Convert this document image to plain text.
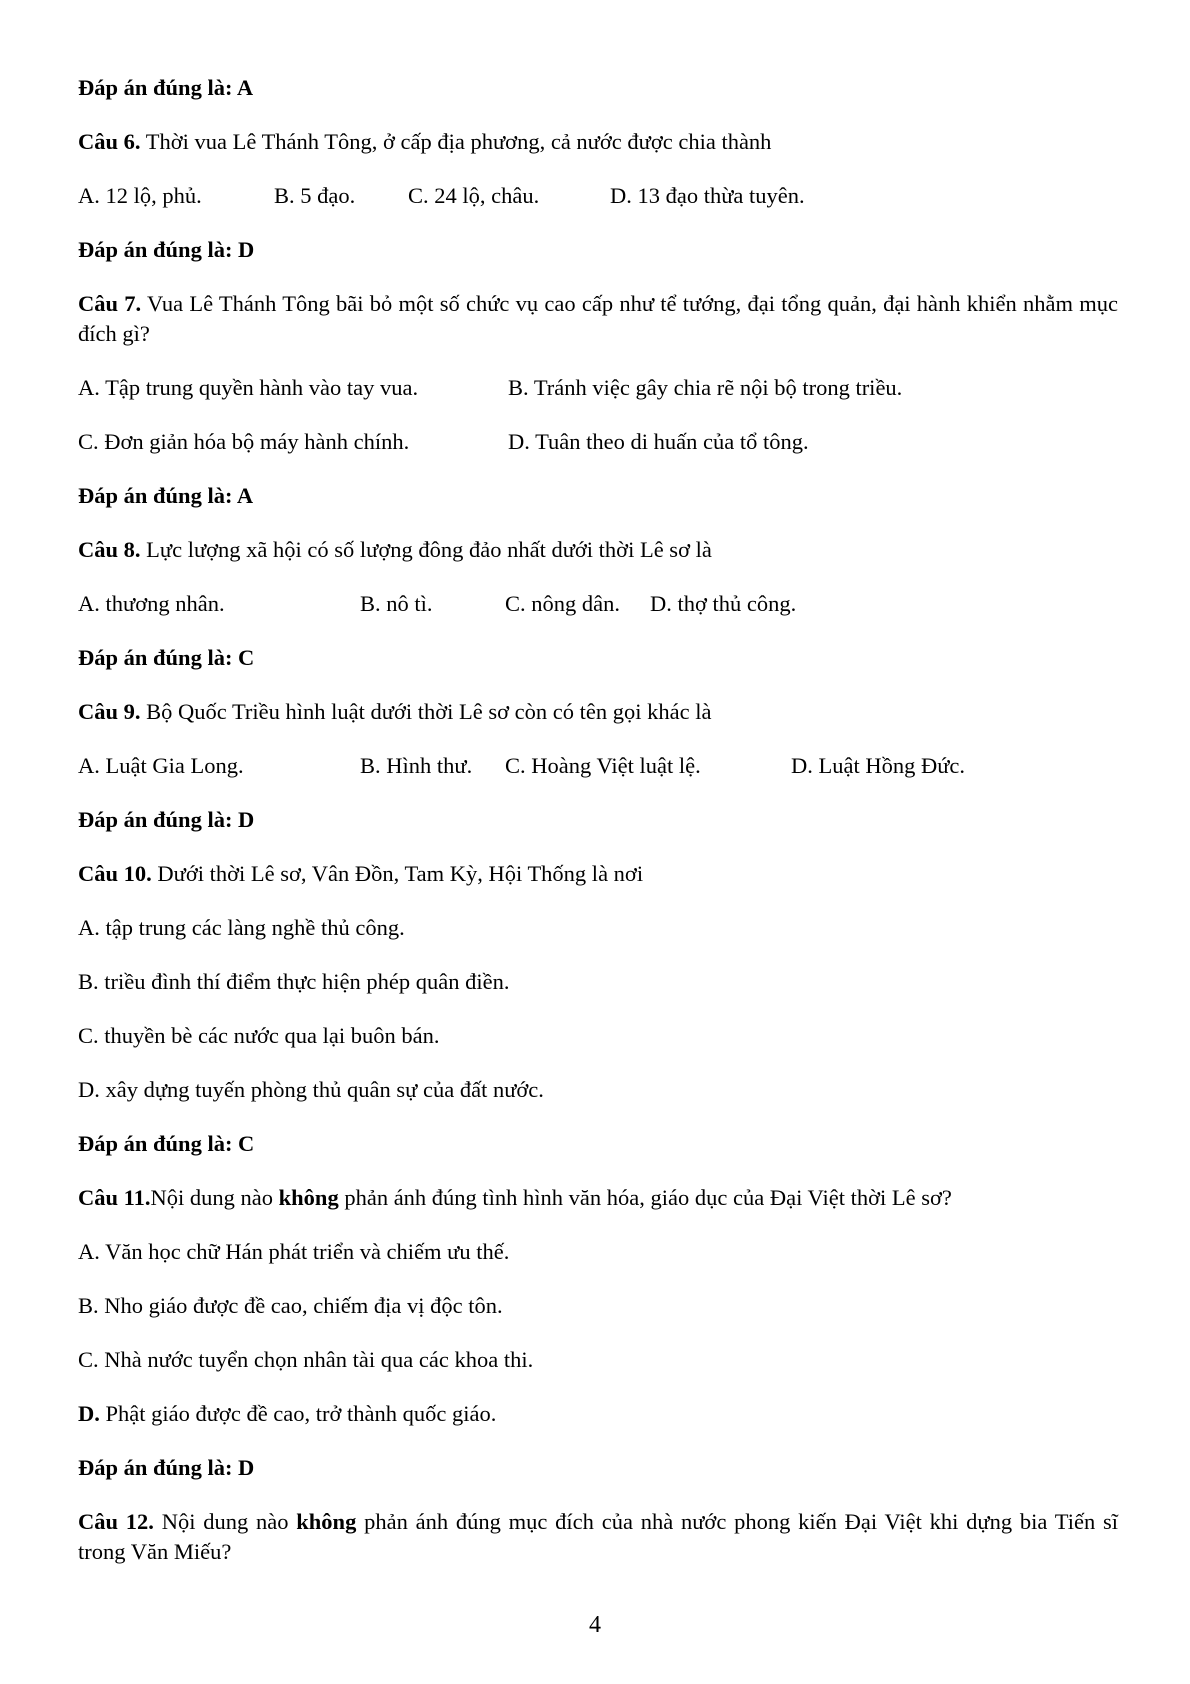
Đáp án đúng là: A
Câu 6. Thời vua Lê Thánh Tông, ở cấp địa phương, cả nước được chia thành
A. 12 lộ, phủ.	B. 5 đạo.	C. 24 lộ, châu.	D. 13 đạo thừa tuyên.
Đáp án đúng là: D
Câu 7. Vua Lê Thánh Tông bãi bỏ một số chức vụ cao cấp như tể tướng, đại tổng quản, đại hành khiển nhằm mục đích gì?
A. Tập trung quyền hành vào tay vua.	B. Tránh việc gây chia rẽ nội bộ trong triều.
C. Đơn giản hóa bộ máy hành chính.	D. Tuân theo di huấn của tổ tông.
Đáp án đúng là: A
Câu 8. Lực lượng xã hội có số lượng đông đảo nhất dưới thời Lê sơ là
A. thương nhân.	B. nô tì.	C. nông dân.	D. thợ thủ công.
Đáp án đúng là: C
Câu 9. Bộ Quốc Triều hình luật dưới thời Lê sơ còn có tên gọi khác là
A. Luật Gia Long.	B. Hình thư.	C. Hoàng Việt luật lệ.	D. Luật Hồng Đức.
Đáp án đúng là: D
Câu 10. Dưới thời Lê sơ, Vân Đồn, Tam Kỳ, Hội Thống là nơi
A. tập trung các làng nghề thủ công.
B. triều đình thí điểm thực hiện phép quân điền.
C. thuyền bè các nước qua lại buôn bán.
D. xây dựng tuyến phòng thủ quân sự của đất nước.
Đáp án đúng là: C
Câu 11.Nội dung nào không phản ánh đúng tình hình văn hóa, giáo dục của Đại Việt thời Lê sơ?
A. Văn học chữ Hán phát triển và chiếm ưu thế.
B. Nho giáo được đề cao, chiếm địa vị độc tôn.
C. Nhà nước tuyển chọn nhân tài qua các khoa thi.
D. Phật giáo được đề cao, trở thành quốc giáo.
Đáp án đúng là: D
Câu 12. Nội dung nào không phản ánh đúng mục đích của nhà nước phong kiến Đại Việt khi dựng bia Tiến sĩ trong Văn Miếu?
4
